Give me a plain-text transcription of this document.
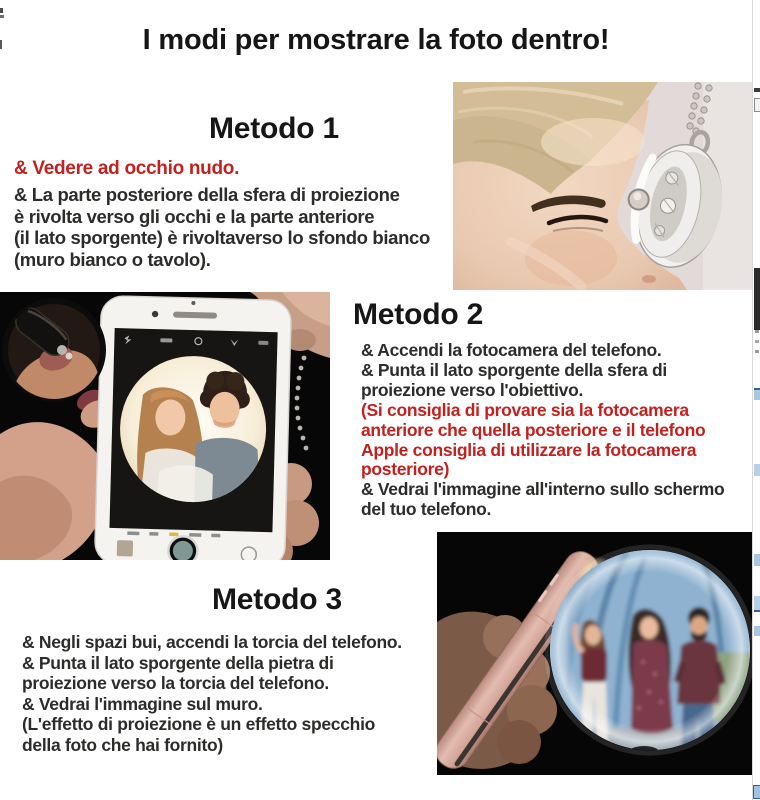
I modi per mostrare la foto dentro!
Metodo 1
& Vedere ad occhio nudo.
& La parte posteriore della sfera di proiezione
è rivolta verso gli occhi e la parte anteriore
(il lato sporgente) è rivoltaverso lo sfondo bianco
(muro bianco o tavolo).
Metodo 2
& Accendi la fotocamera del telefono.
& Punta il lato sporgente della sfera di
proiezione verso l'obiettivo.
(Si consiglia di provare sia la fotocamera
anteriore che quella posteriore e il telefono
Apple consiglia di utilizzare la fotocamera
posteriore)
& Vedrai l'immagine all'interno sullo schermo
del tuo telefono.
Metodo 3
& Negli spazi bui, accendi la torcia del telefono.
& Punta il lato sporgente della pietra di
proiezione verso la torcia del telefono.
& Vedrai l'immagine sul muro.
(L'effetto di proiezione è un effetto specchio
della foto che hai fornito)
